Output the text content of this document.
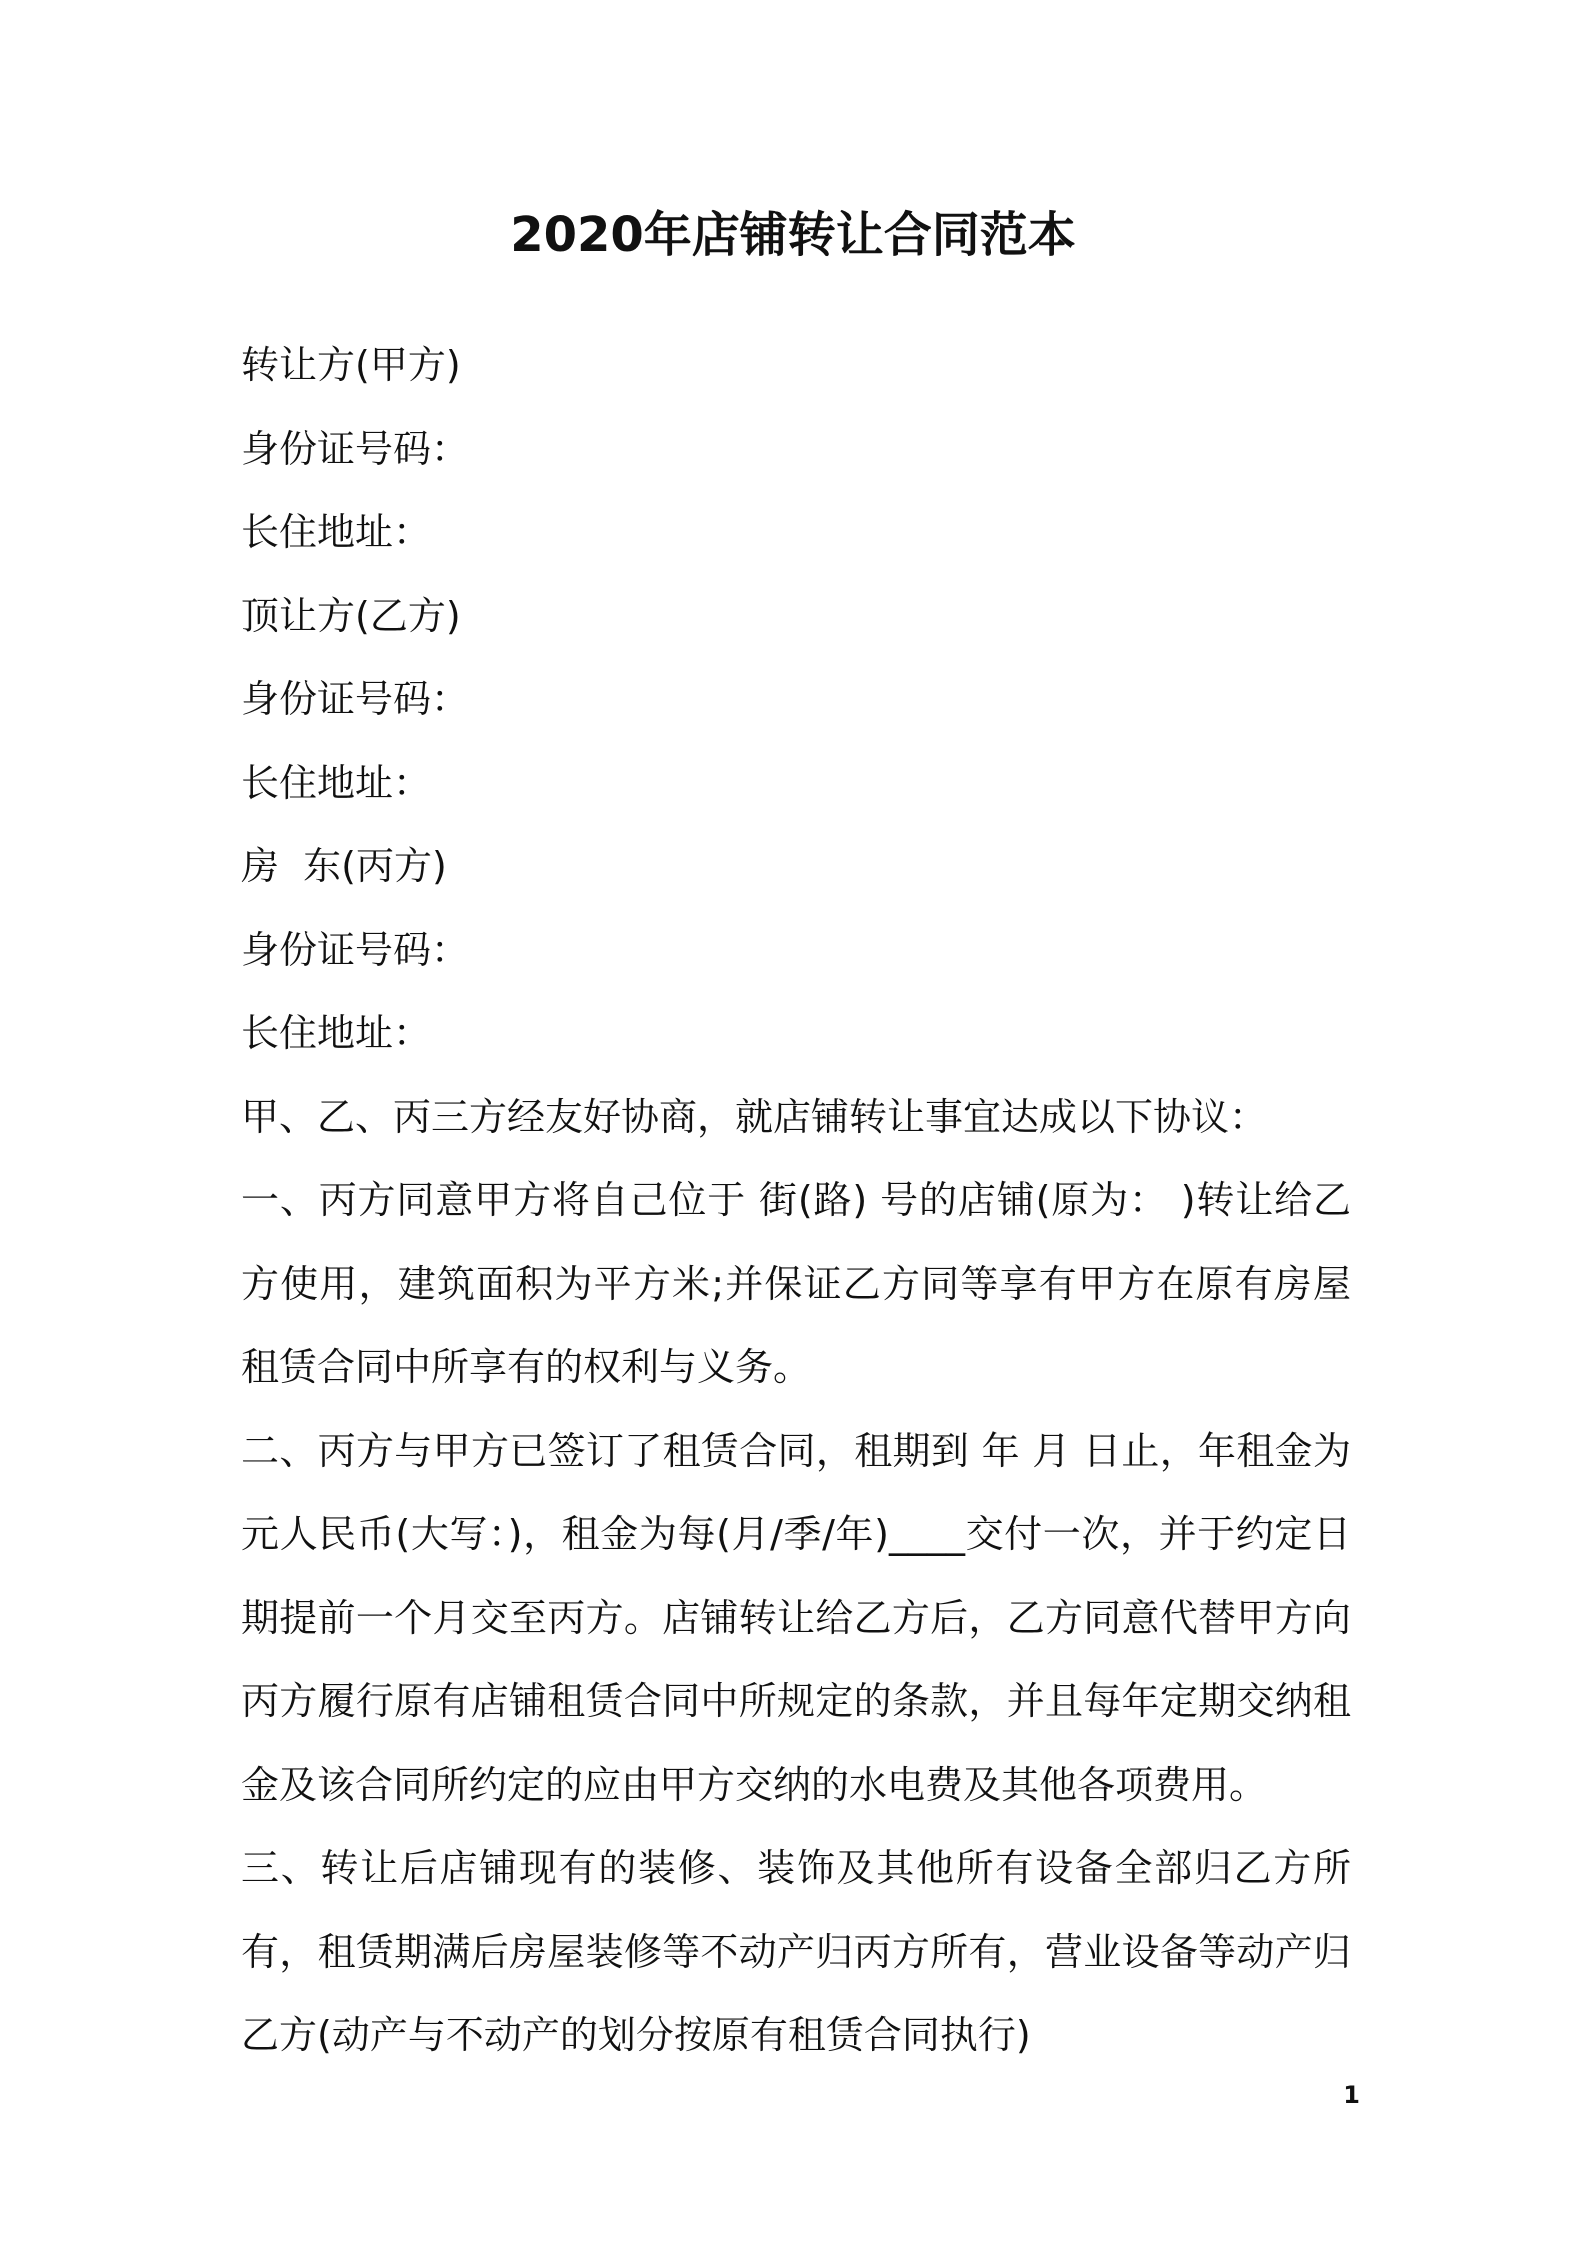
2020年店铺转让合同范本
转让方(甲方)
身份证号码：
长住地址：
顶让方(乙方)
身份证号码：
长住地址：
房  东(丙方)
身份证号码：
长住地址：
甲、乙、丙三方经友好协商，就店铺转让事宜达成以下协议：
一、丙方同意甲方将自己位于 街(路) 号的店铺(原为： )转让给乙方使用，建筑面积为平方米;并保证乙方同等享有甲方在原有房屋租赁合同中所享有的权利与义务。
二、丙方与甲方已签订了租赁合同，租期到 年 月 日止，年租金为 元人民币(大写：)，租金为每(月/季/年)____交付一次，并于约定日期提前一个月交至丙方。店铺转让给乙方后，乙方同意代替甲方向丙方履行原有店铺租赁合同中所规定的条款，并且每年定期交纳租金及该合同所约定的应由甲方交纳的水电费及其他各项费用。
三、转让后店铺现有的装修、装饰及其他所有设备全部归乙方所有，租赁期满后房屋装修等不动产归丙方所有，营业设备等动产归乙方(动产与不动产的划分按原有租赁合同执行)
1
